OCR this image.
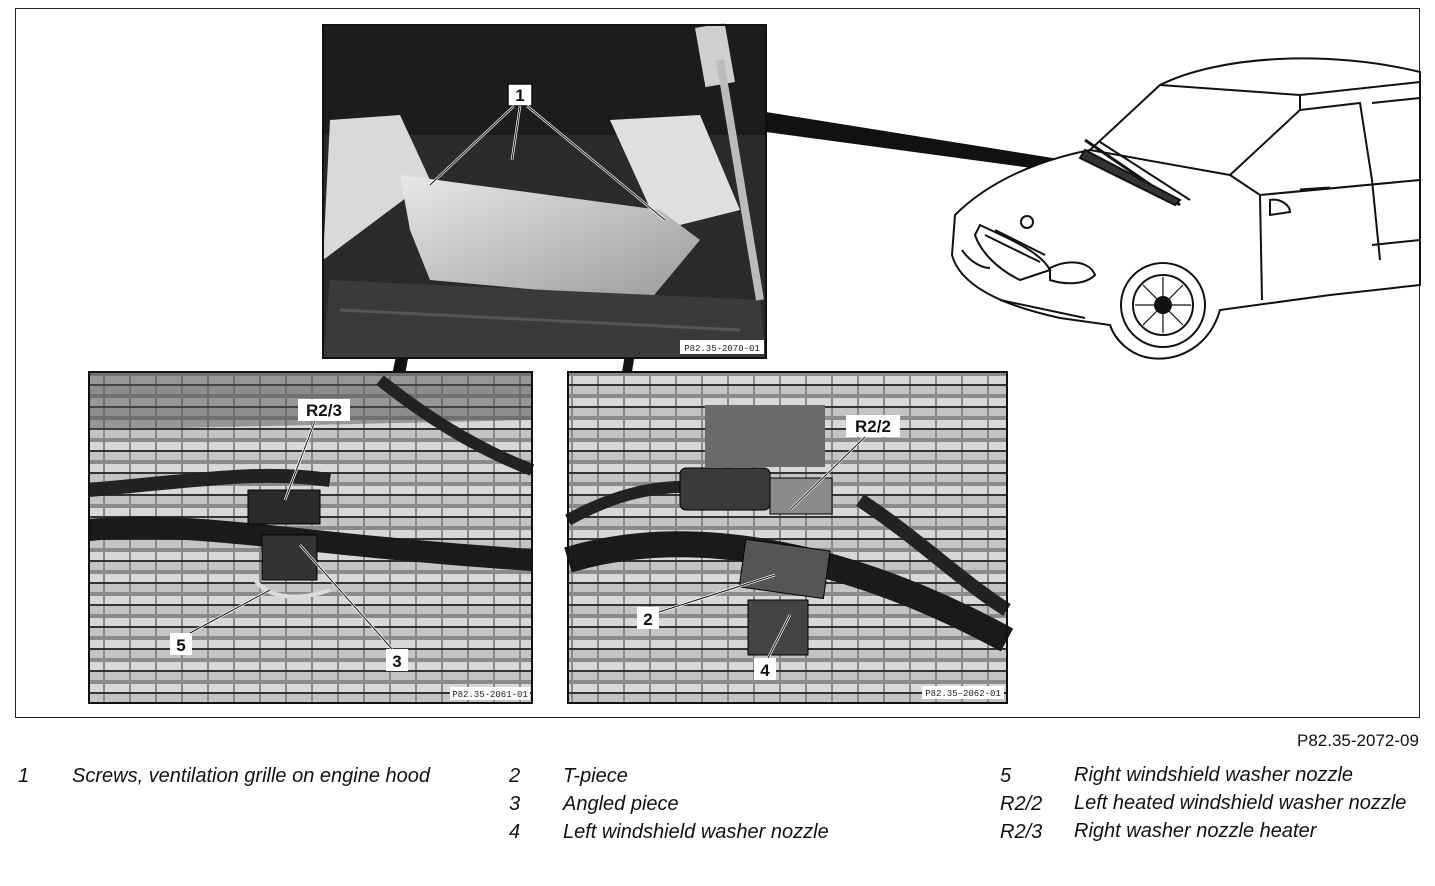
1
P82.35-2070-01
R2/3
5
3
P82.35-2061-01
R2/2
2
4
P82.35-2062-01
P82.35-2072-09
1 Screws, ventilation grille on engine hood	2 T-piece
3 Angled piece
4 Left windshield washer nozzle
5	Right windshield washer nozzle
R2/2 Left heated windshield washer nozzle
R2/3 Right washer nozzle heater
